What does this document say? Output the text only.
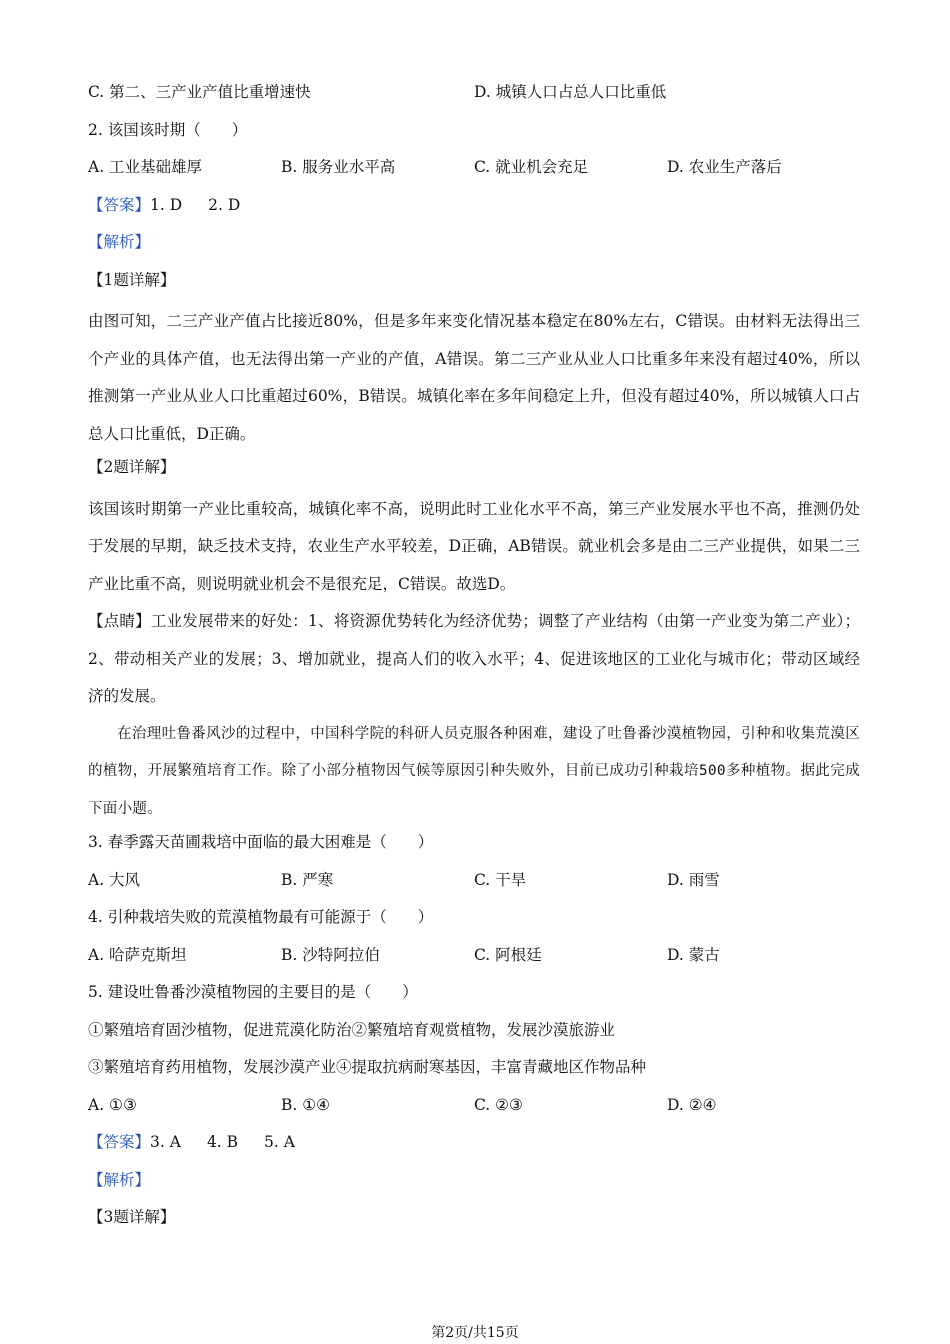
C. 第二、三产业产值比重增速快	D. 城镇人口占总人口比重低
2. 该国该时期（　　）
A. 工业基础雄厚	B. 服务业水平高	C. 就业机会充足	D. 农业生产落后
【答案】1. D 2. D
【解析】
【1题详解】
由图可知，二三产业产值占比接近80%，但是多年来变化情况基本稳定在80%左右，C错误。由材料无法得出三个产业的具体产值，也无法得出第一产业的产值，A错误。第二三产业从业人口比重多年来没有超过40%，所以推测第一产业从业人口比重超过60%，B错误。城镇化率在多年间稳定上升，但没有超过40%，所以城镇人口占总人口比重低，D正确。
【2题详解】
该国该时期第一产业比重较高，城镇化率不高，说明此时工业化水平不高，第三产业发展水平也不高，推测仍处于发展的早期，缺乏技术支持，农业生产水平较差，D正确，AB错误。就业机会多是由二三产业提供，如果二三产业比重不高，则说明就业机会不是很充足，C错误。故选D。
【点睛】工业发展带来的好处：1、将资源优势转化为经济优势；调整了产业结构（由第一产业变为第二产业）；2、带动相关产业的发展；3、增加就业，提高人们的收入水平；4、促进该地区的工业化与城市化；带动区域经济的发展。
在治理吐鲁番风沙的过程中，中国科学院的科研人员克服各种困难，建设了吐鲁番沙漠植物园，引种和收集荒漠区的植物，开展繁殖培育工作。除了小部分植物因气候等原因引种失败外，目前已成功引种栽培500多种植物。据此完成下面小题。
3. 春季露天苗圃栽培中面临的最大困难是（　　）
A. 大风	B. 严寒	C. 干旱	D. 雨雪
4. 引种栽培失败的荒漠植物最有可能源于（　　）
A. 哈萨克斯坦	B. 沙特阿拉伯	C. 阿根廷	D. 蒙古
5. 建设吐鲁番沙漠植物园的主要目的是（　　）
①繁殖培育固沙植物，促进荒漠化防治②繁殖培育观赏植物，发展沙漠旅游业
③繁殖培育药用植物，发展沙漠产业④提取抗病耐寒基因，丰富青藏地区作物品种
A. ①③	B. ①④	C. ②③	D. ②④
【答案】3. A 4. B 5. A
【解析】
【3题详解】
第2页/共15页
